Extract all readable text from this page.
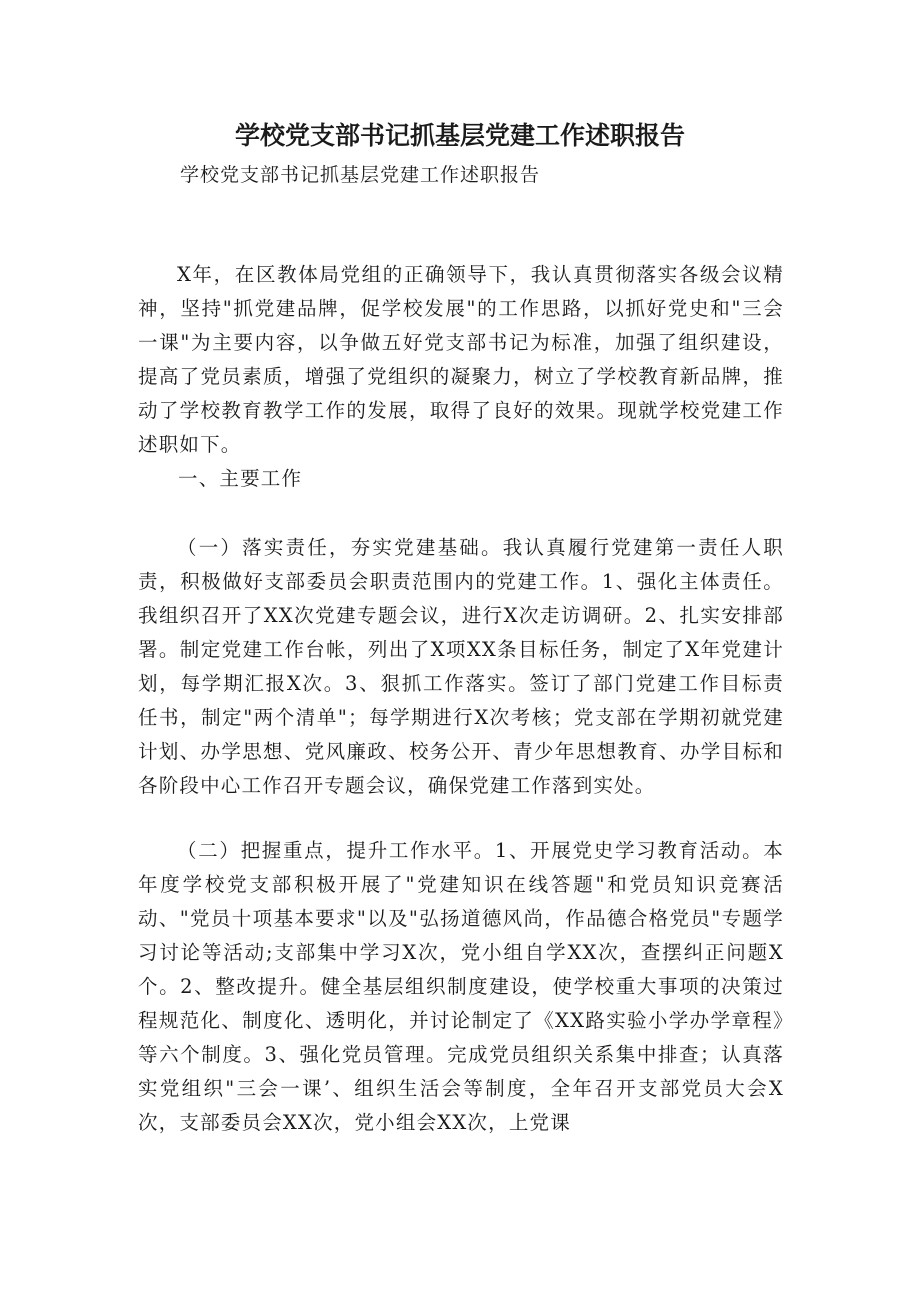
学校党支部书记抓基层党建工作述职报告

学校党支部书记抓基层党建工作述职报告

X年，在区教体局党组的正确领导下，我认真贯彻落实各级会议精神，坚持"抓党建品牌，促学校发展"的工作思路，以抓好党史和"三会一课"为主要内容，以争做五好党支部书记为标准，加强了组织建设，提高了党员素质，增强了党组织的凝聚力，树立了学校教育新品牌，推动了学校教育教学工作的发展，取得了良好的效果。现就学校党建工作述职如下。

一、主要工作

（一）落实责任，夯实党建基础。我认真履行党建第一责任人职责，积极做好支部委员会职责范围内的党建工作。1、强化主体责任。我组织召开了XX次党建专题会议，进行X次走访调研。2、扎实安排部署。制定党建工作台帐，列出了X项XX条目标任务，制定了X年党建计划，每学期汇报X次。3、狠抓工作落实。签订了部门党建工作目标责任书，制定"两个清单"；每学期进行X次考核；党支部在学期初就党建计划、办学思想、党风廉政、校务公开、青少年思想教育、办学目标和各阶段中心工作召开专题会议，确保党建工作落到实处。

（二）把握重点，提升工作水平。1、开展党史学习教育活动。本年度学校党支部积极开展了"党建知识在线答题"和党员知识竞赛活动、"党员十项基本要求"以及"弘扬道德风尚，作品德合格党员"专题学习讨论等活动;支部集中学习X次，党小组自学XX次，查摆纠正问题X个。2、整改提升。健全基层组织制度建设，使学校重大事项的决策过程规范化、制度化、透明化，并讨论制定了《XX路实验小学办学章程》等六个制度。3、强化党员管理。完成党员组织关系集中排查；认真落实党组织"三会一课’、组织生活会等制度，全年召开支部党员大会X次，支部委员会XX次，党小组会XX次，上党课
